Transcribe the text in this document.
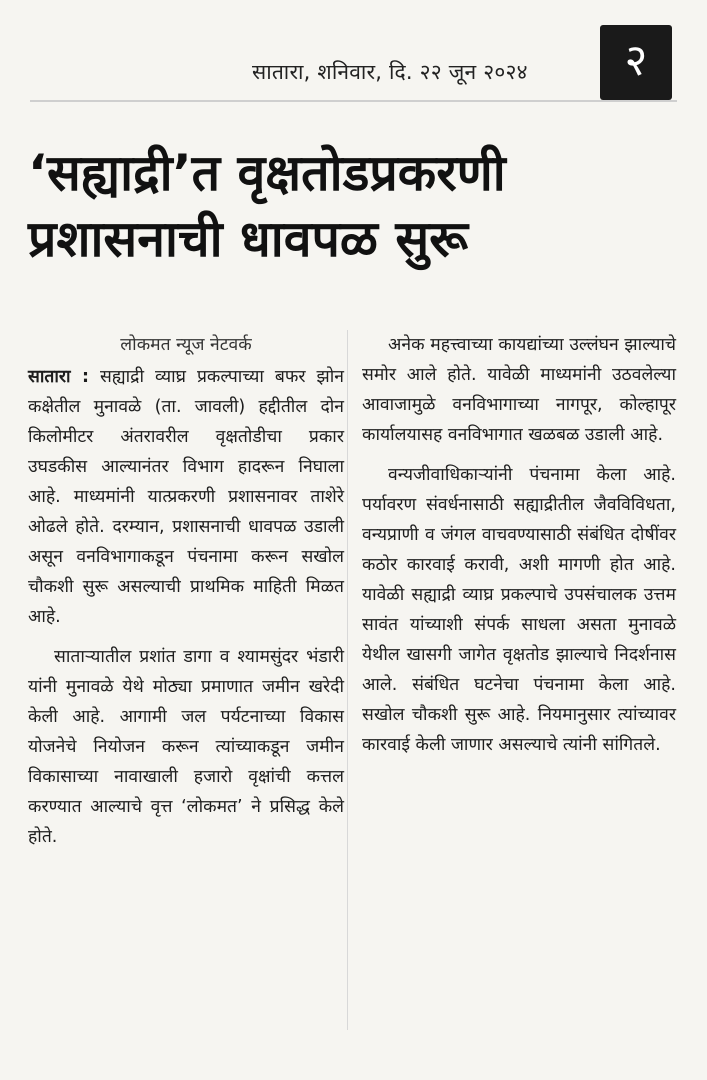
सातारा, शनिवार, दि. २२ जून २०२४	२
‘सह्याद्री’त वृक्षतोडप्रकरणी
प्रशासनाची धावपळ सुरू
लोकमत न्यूज नेटवर्क

सातारा : सह्याद्री व्याघ्र प्रकल्पाच्या बफर झोन कक्षेतील मुनावळे (ता. जावली) हद्दीतील दोन किलोमीटर अंतरावरील वृक्षतोडीचा प्रकार उघडकीस आल्यानंतर विभाग हादरून निघाला आहे. माध्यमांनी यात्प्रकरणी प्रशासनावर ताशेरे ओढले होते. दरम्यान, प्रशासनाची धावपळ उडाली असून वनविभागाकडून पंचनामा करून सखोल चौकशी सुरू असल्याची प्राथमिक माहिती मिळत आहे.

साताऱ्यातील प्रशांत डागा व श्यामसुंदर भंडारी यांनी मुनावळे येथे मोठ्या प्रमाणात जमीन खरेदी केली आहे. आगामी जल पर्यटनाच्या विकास योजनेचे नियोजन करून त्यांच्याकडून जमीन विकासाच्या नावाखाली हजारो वृक्षांची कत्तल करण्यात आल्याचे वृत्त ‘लोकमत’ ने प्रसिद्ध केले होते.

अनेक महत्त्वाच्या कायद्यांच्या उल्लंघन झाल्याचे समोर आले होते. यावेळी माध्यमांनी उठवलेल्या आवाजामुळे वनविभागाच्या नागपूर, कोल्हापूर कार्यालयासह वनविभागात खळबळ उडाली आहे.

वन्यजीवाधिकाऱ्यांनी पंचनामा केला आहे. पर्यावरण संवर्धनासाठी सह्याद्रीतील जैवविविधता, वन्यप्राणी व जंगल वाचवण्यासाठी संबंधित दोषींवर कठोर कारवाई करावी, अशी मागणी होत आहे. यावेळी सह्याद्री व्याघ्र प्रकल्पाचे उपसंचालक उत्तम सावंत यांच्याशी संपर्क साधला असता मुनावळे येथील खासगी जागेत वृक्षतोड झाल्याचे निदर्शनास आले. संबंधित घटनेचा पंचनामा केला आहे. सखोल चौकशी सुरू आहे. नियमानुसार त्यांच्यावर कारवाई केली जाणार असल्याचे त्यांनी सांगितले.
